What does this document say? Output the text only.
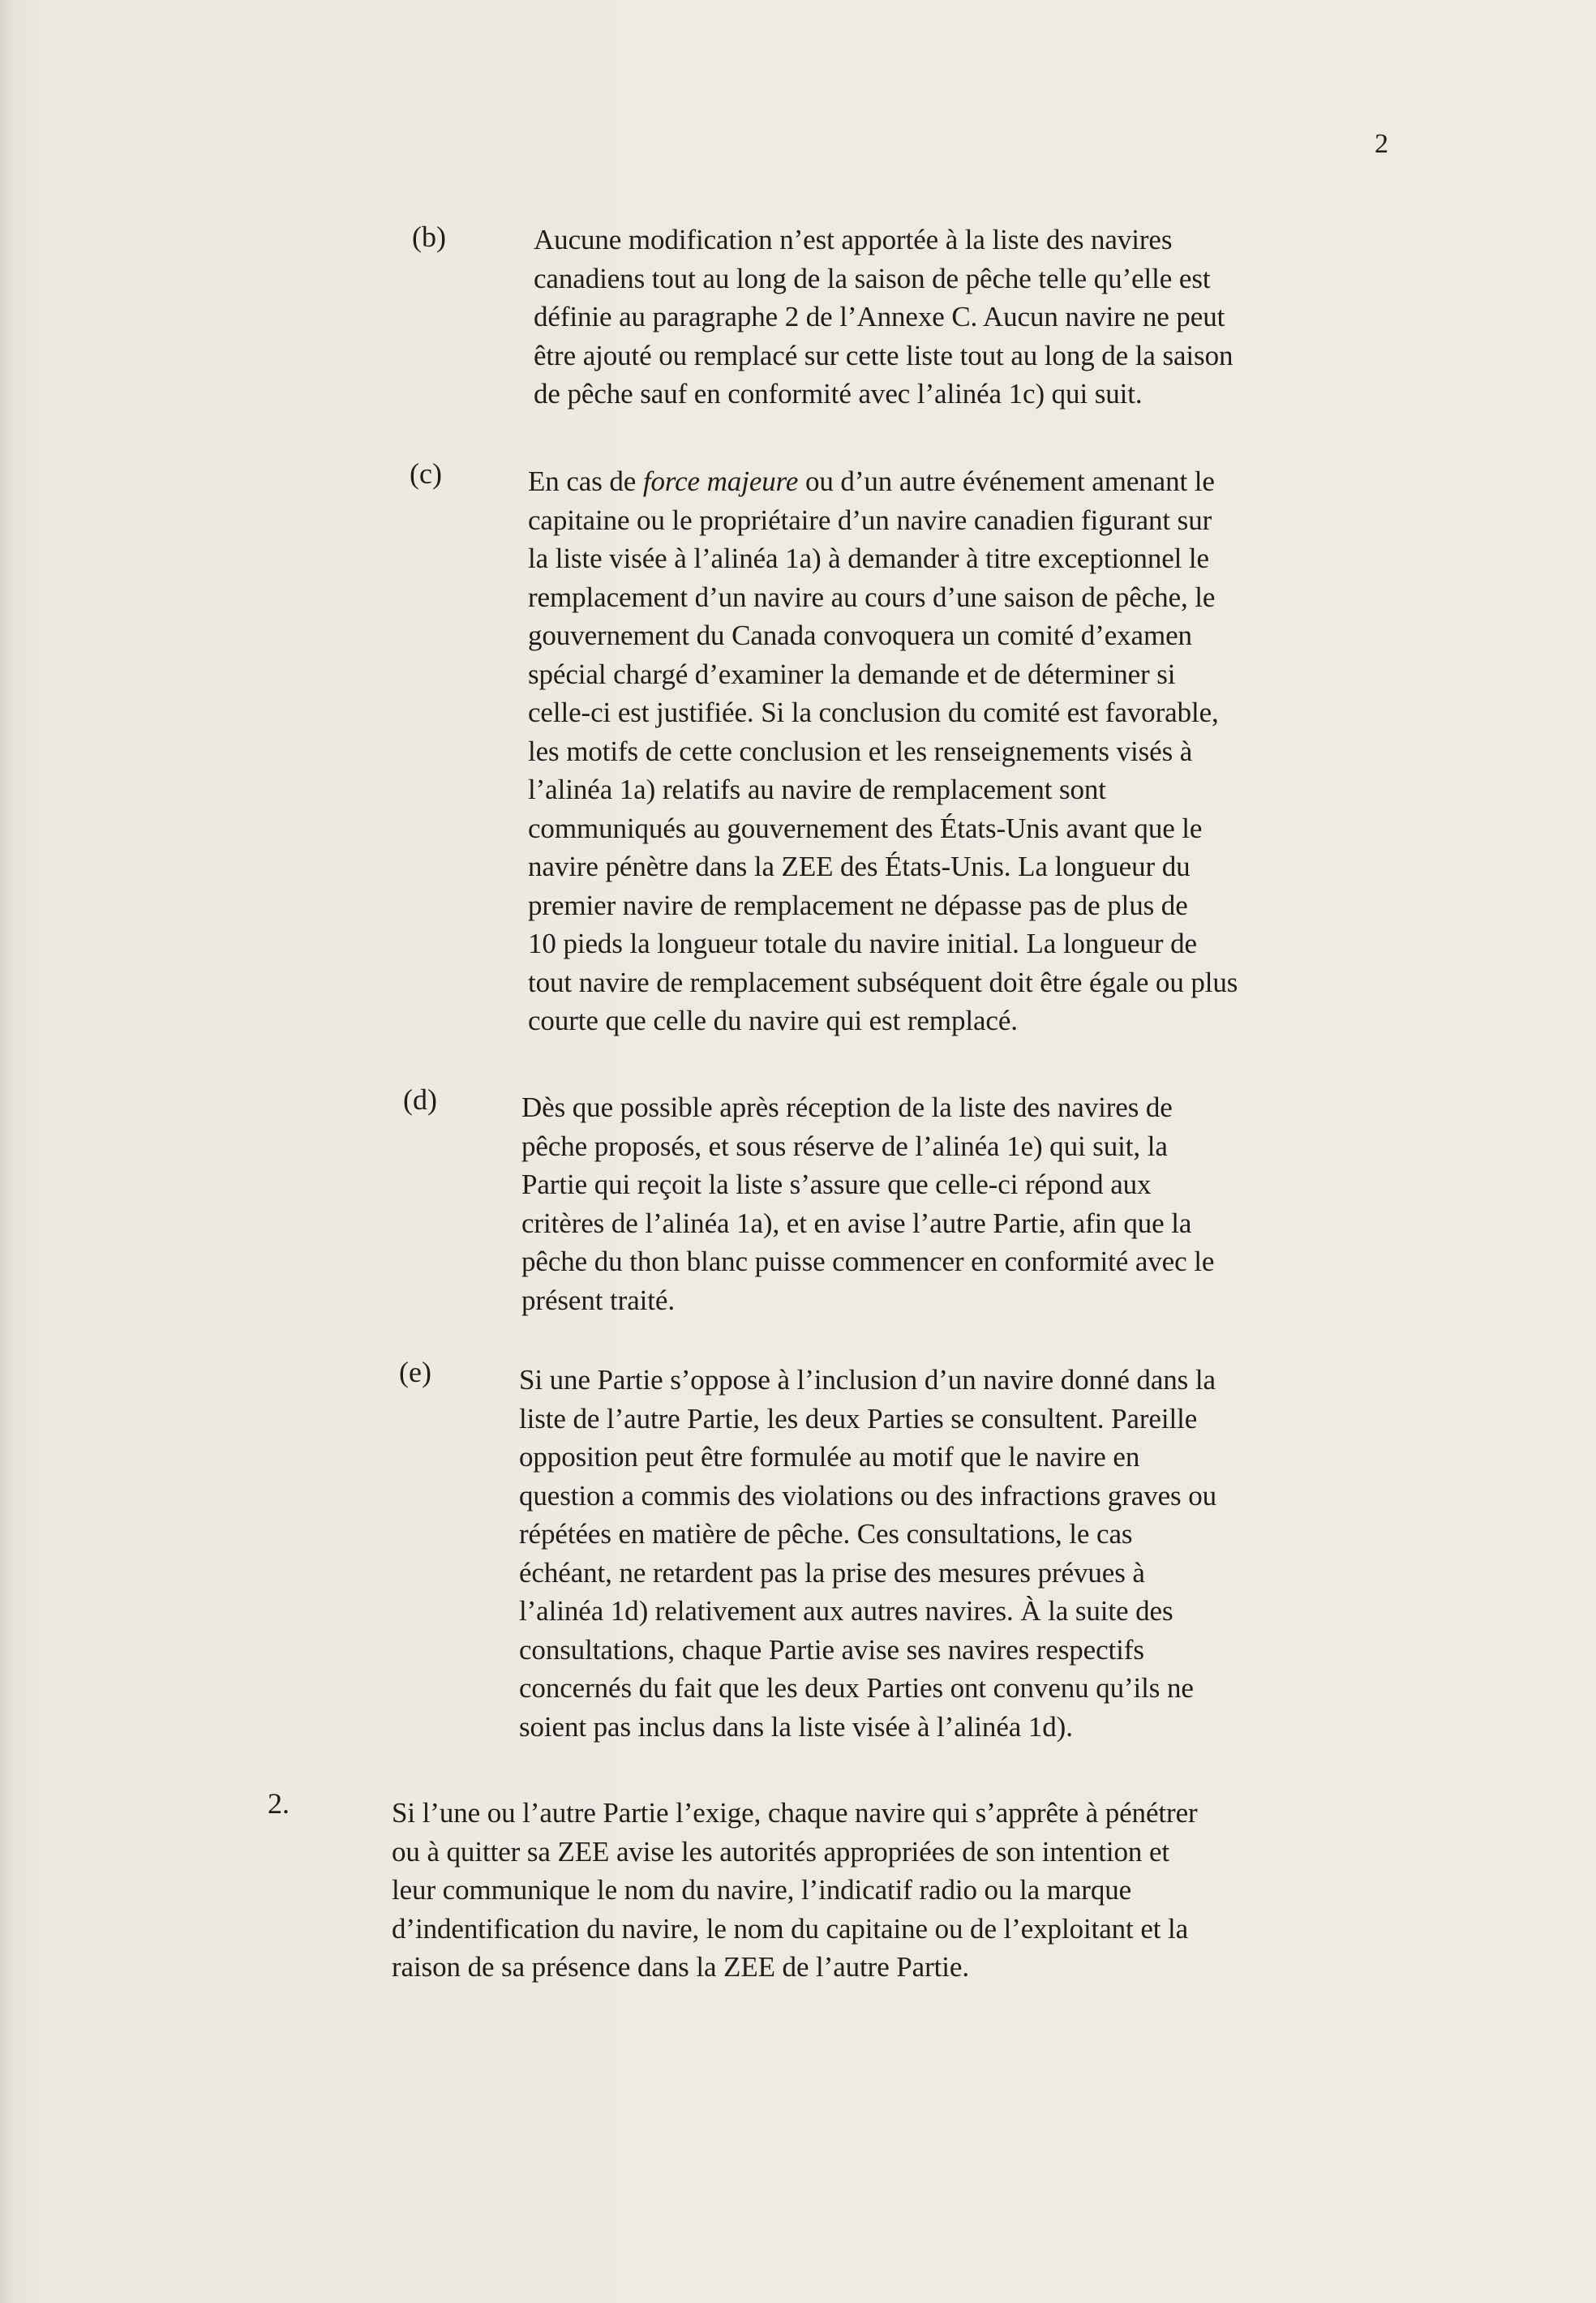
2
(b)	Aucune modification n’est apportée à la liste des navires
canadiens tout au long de la saison de pêche telle qu’elle est
définie au paragraphe 2 de l’Annexe C. Aucun navire ne peut
être ajouté ou remplacé sur cette liste tout au long de la saison
de pêche sauf en conformité avec l’alinéa 1c) qui suit.
(c)	En cas de force majeure ou d’un autre événement amenant le
capitaine ou le propriétaire d’un navire canadien figurant sur
la liste visée à l’alinéa 1a) à demander à titre exceptionnel le
remplacement d’un navire au cours d’une saison de pêche, le
gouvernement du Canada convoquera un comité d’examen
spécial chargé d’examiner la demande et de déterminer si
celle-ci est justifiée. Si la conclusion du comité est favorable,
les motifs de cette conclusion et les renseignements visés à
l’alinéa 1a) relatifs au navire de remplacement sont
communiqués au gouvernement des États-Unis avant que le
navire pénètre dans la ZEE des États-Unis. La longueur du
premier navire de remplacement ne dépasse pas de plus de
10 pieds la longueur totale du navire initial. La longueur de
tout navire de remplacement subséquent doit être égale ou plus
courte que celle du navire qui est remplacé.
(d)	Dès que possible après réception de la liste des navires de
pêche proposés, et sous réserve de l’alinéa 1e) qui suit, la
Partie qui reçoit la liste s’assure que celle-ci répond aux
critères de l’alinéa 1a), et en avise l’autre Partie, afin que la
pêche du thon blanc puisse commencer en conformité avec le
présent traité.
(e)	Si une Partie s’oppose à l’inclusion d’un navire donné dans la
liste de l’autre Partie, les deux Parties se consultent. Pareille
opposition peut être formulée au motif que le navire en
question a commis des violations ou des infractions graves ou
répétées en matière de pêche. Ces consultations, le cas
échéant, ne retardent pas la prise des mesures prévues à
l’alinéa 1d) relativement aux autres navires. À la suite des
consultations, chaque Partie avise ses navires respectifs
concernés du fait que les deux Parties ont convenu qu’ils ne
soient pas inclus dans la liste visée à l’alinéa 1d).
2.	Si l’une ou l’autre Partie l’exige, chaque navire qui s’apprête à pénétrer
ou à quitter sa ZEE avise les autorités appropriées de son intention et
leur communique le nom du navire, l’indicatif radio ou la marque
d’indentification du navire, le nom du capitaine ou de l’exploitant et la
raison de sa présence dans la ZEE de l’autre Partie.
